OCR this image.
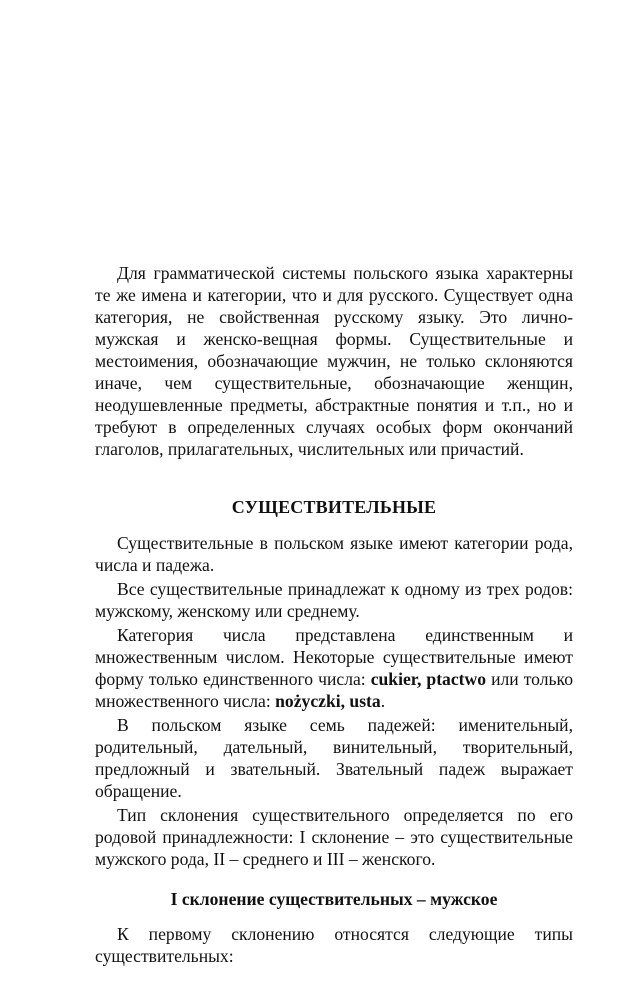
Для грамматической системы польского языка характерны те же имена и категории, что и для русского. Существует одна категория, не свойственная русскому языку. Это лично-мужская и женско-вещная формы. Существительные и местоимения, обозначающие мужчин, не только склоняются иначе, чем существительные, обозначающие женщин, неодушевленные предметы, абстрактные понятия и т.п., но и требуют в определенных случаях особых форм окончаний глаголов, прилагательных, числительных или причастий.

СУЩЕСТВИТЕЛЬНЫЕ

Существительные в польском языке имеют категории рода, числа и падежа.

Все существительные принадлежат к одному из трех родов: мужскому, женскому или среднему.

Категория числа представлена единственным и множественным числом. Некоторые существительные имеют форму только единственного числа: cukier, ptactwo или только множественного числа: nożyczki, usta.

В польском языке семь падежей: именительный, родительный, дательный, винительный, творительный, предложный и звательный. Звательный падеж выражает обращение.

Тип склонения существительного определяется по его родовой принадлежности: I склонение – это существительные мужского рода, II – среднего и III – женского.

I склонение существительных – мужское

К первому склонению относятся следующие типы существительных:
